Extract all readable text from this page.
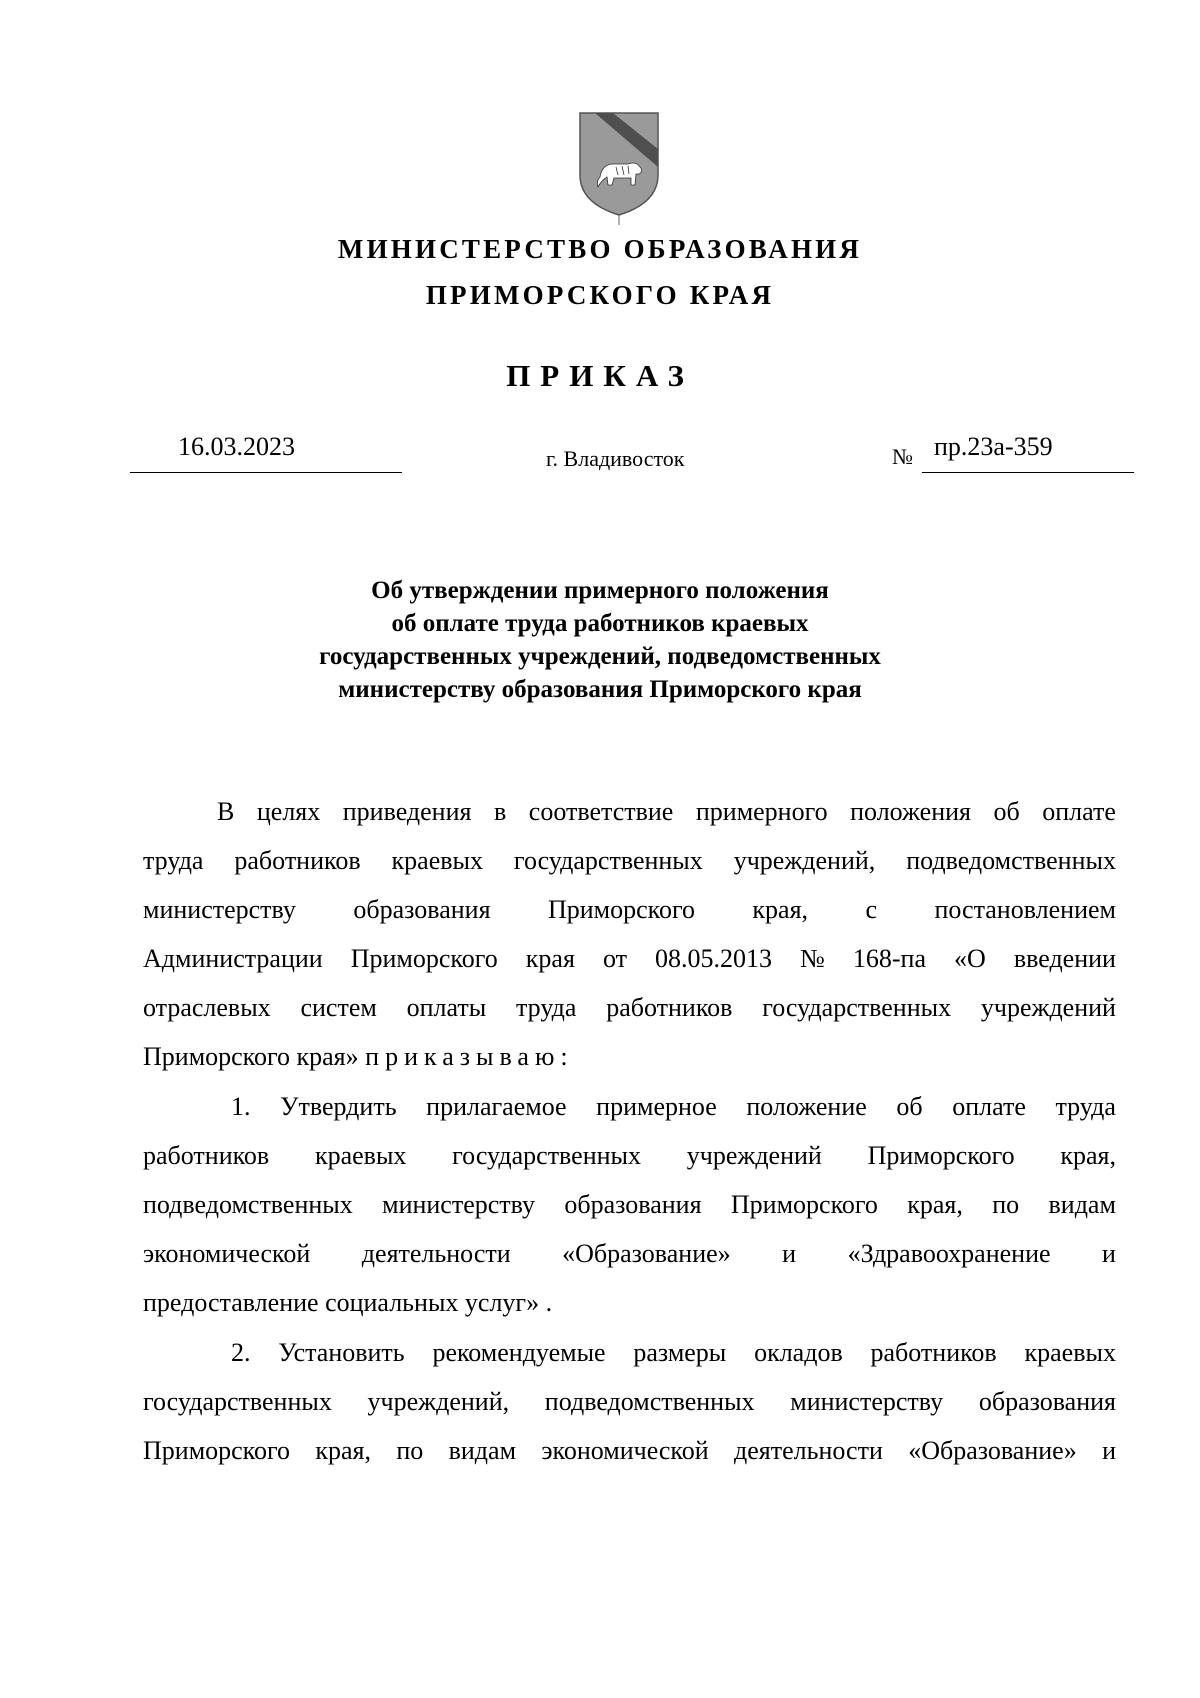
МИНИСТЕРСТВО ОБРАЗОВАНИЯ
ПРИМОРСКОГО КРАЯ
ПРИКАЗ
16.03.2023	г. Владивосток	№ пр.23а-359
Об утверждении примерного положения
об оплате труда работников краевых
государственных учреждений, подведомственных
министерству образования Приморского края
В целях приведения в соответствие примерного положения об оплате
труда работников краевых государственных учреждений, подведомственных
министерству образования Приморского края, с постановлением
Администрации Приморского края от 08.05.2013 № 168-па «О введении
отраслевых систем оплаты труда работников государственных учреждений
Приморского края» приказываю:
1. Утвердить прилагаемое примерное положение об оплате труда
работников краевых государственных учреждений Приморского края,
подведомственных министерству образования Приморского края, по видам
экономической деятельности «Образование» и «Здравоохранение и
предоставление социальных услуг» .
2. Установить рекомендуемые размеры окладов работников краевых
государственных учреждений, подведомственных министерству образования
Приморского края, по видам экономической деятельности «Образование» и
